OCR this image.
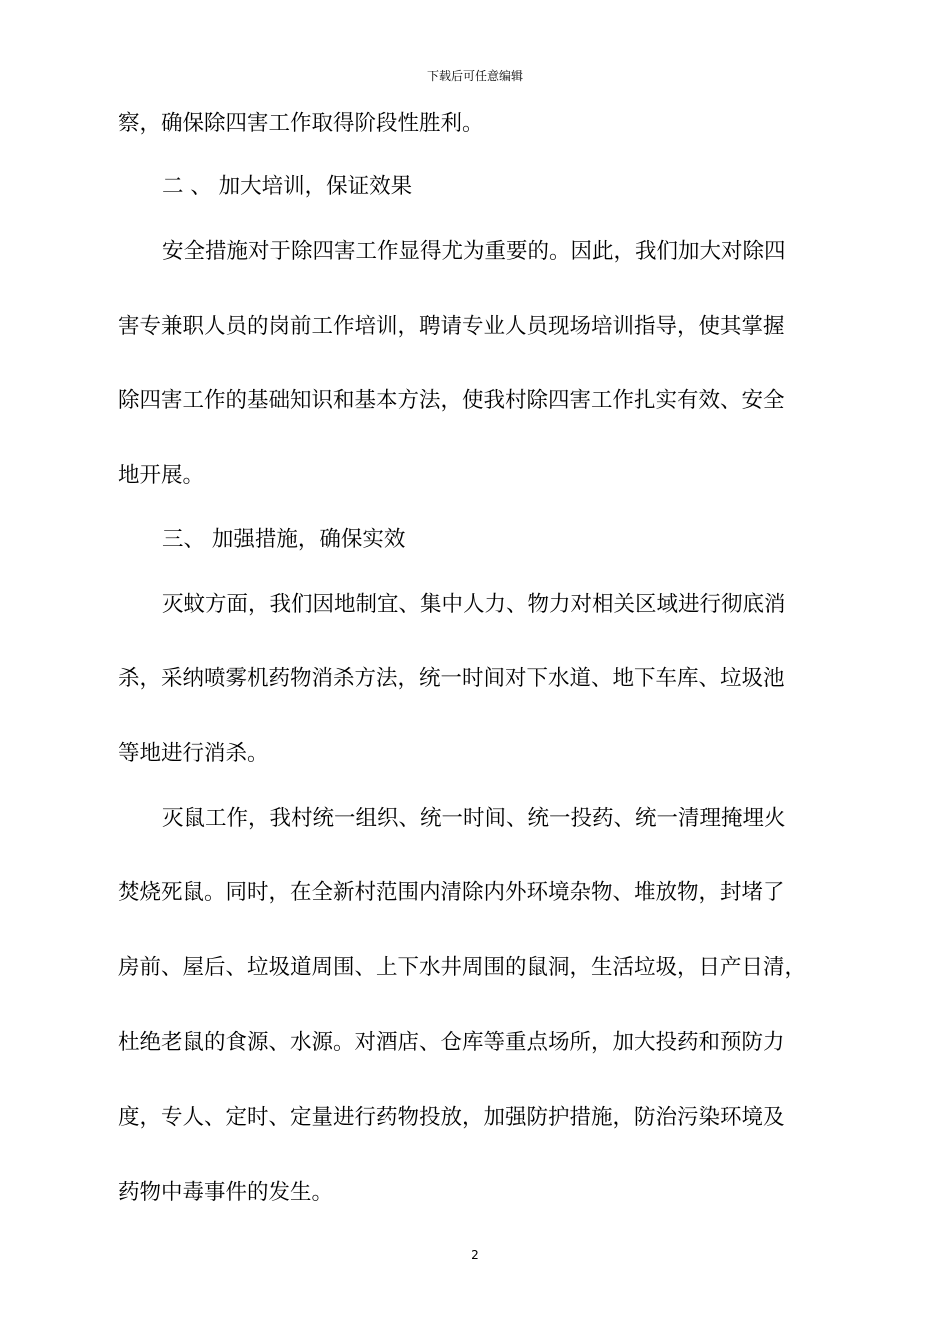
下载后可任意编辑
察，确保除四害工作取得阶段性胜利。
二 、 加大培训，保证效果
安全措施对于除四害工作显得尤为重要的。因此，我们加大对除四
害专兼职人员的岗前工作培训，聘请专业人员现场培训指导，使其掌握
除四害工作的基础知识和基本方法，使我村除四害工作扎实有效、安全
地开展。
三、 加强措施，确保实效
灭蚊方面，我们因地制宜、集中人力、物力对相关区域进行彻底消
杀，采纳喷雾机药物消杀方法，统一时间对下水道、地下车库、垃圾池
等地进行消杀。
灭鼠工作，我村统一组织、统一时间、统一投药、统一清理掩埋火
焚烧死鼠。同时，在全新村范围内清除内外环境杂物、堆放物，封堵了
房前、屋后、垃圾道周围、上下水井周围的鼠洞，生活垃圾，日产日清，
杜绝老鼠的食源、水源。对酒店、仓库等重点场所，加大投药和预防力
度，专人、定时、定量进行药物投放，加强防护措施，防治污染环境及
药物中毒事件的发生。
2
